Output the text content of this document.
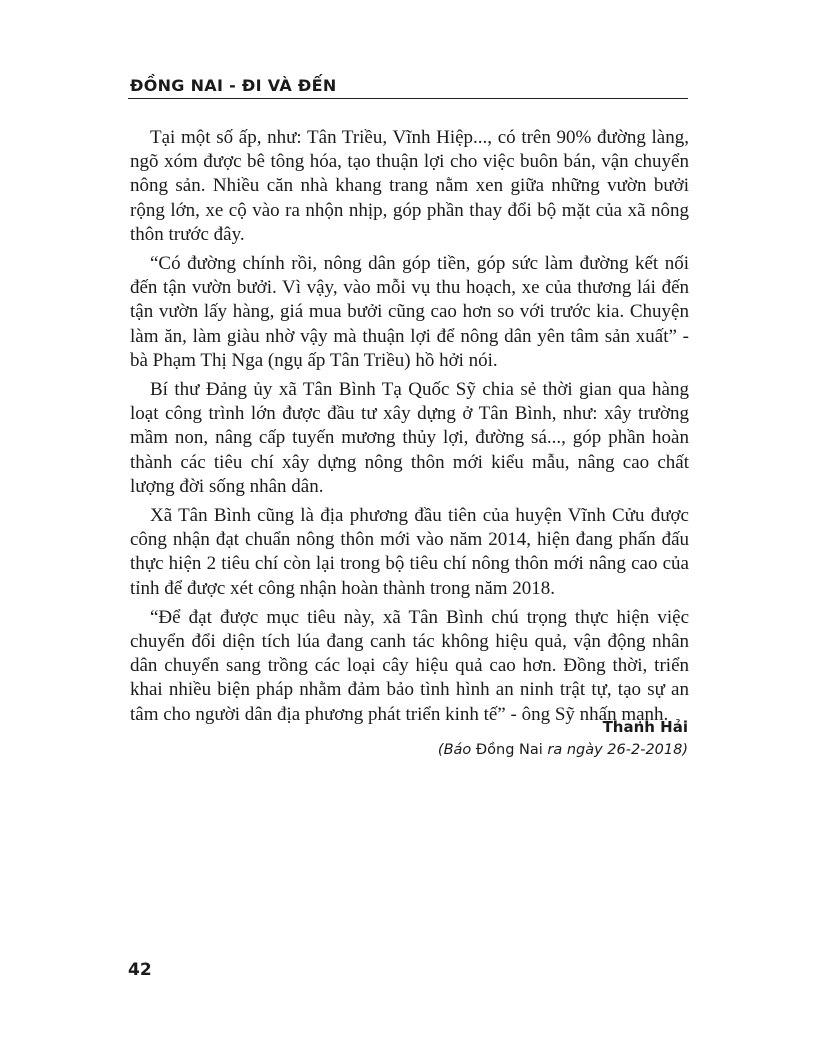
ĐỒNG NAI - ĐI VÀ ĐẾN

Tại một số ấp, như: Tân Triều, Vĩnh Hiệp..., có trên 90% đường làng, ngõ xóm được bê tông hóa, tạo thuận lợi cho việc buôn bán, vận chuyển nông sản. Nhiều căn nhà khang trang nằm xen giữa những vườn bưởi rộng lớn, xe cộ vào ra nhộn nhịp, góp phần thay đổi bộ mặt của xã nông thôn trước đây.

“Có đường chính rồi, nông dân góp tiền, góp sức làm đường kết nối đến tận vườn bưởi. Vì vậy, vào mỗi vụ thu hoạch, xe của thương lái đến tận vườn lấy hàng, giá mua bưởi cũng cao hơn so với trước kia. Chuyện làm ăn, làm giàu nhờ vậy mà thuận lợi để nông dân yên tâm sản xuất” - bà Phạm Thị Nga (ngụ ấp Tân Triều) hồ hởi nói.

Bí thư Đảng ủy xã Tân Bình Tạ Quốc Sỹ chia sẻ thời gian qua hàng loạt công trình lớn được đầu tư xây dựng ở Tân Bình, như: xây trường mầm non, nâng cấp tuyến mương thủy lợi, đường sá..., góp phần hoàn thành các tiêu chí xây dựng nông thôn mới kiểu mẫu, nâng cao chất lượng đời sống nhân dân.

Xã Tân Bình cũng là địa phương đầu tiên của huyện Vĩnh Cửu được công nhận đạt chuẩn nông thôn mới vào năm 2014, hiện đang phấn đấu thực hiện 2 tiêu chí còn lại trong bộ tiêu chí nông thôn mới nâng cao của tỉnh để được xét công nhận hoàn thành trong năm 2018.

“Để đạt được mục tiêu này, xã Tân Bình chú trọng thực hiện việc chuyển đổi diện tích lúa đang canh tác không hiệu quả, vận động nhân dân chuyển sang trồng các loại cây hiệu quả cao hơn. Đồng thời, triển khai nhiều biện pháp nhằm đảm bảo tình hình an ninh trật tự, tạo sự an tâm cho người dân địa phương phát triển kinh tế” - ông Sỹ nhấn mạnh.

Thanh Hải
(Báo Đồng Nai ra ngày 26-2-2018)
42
